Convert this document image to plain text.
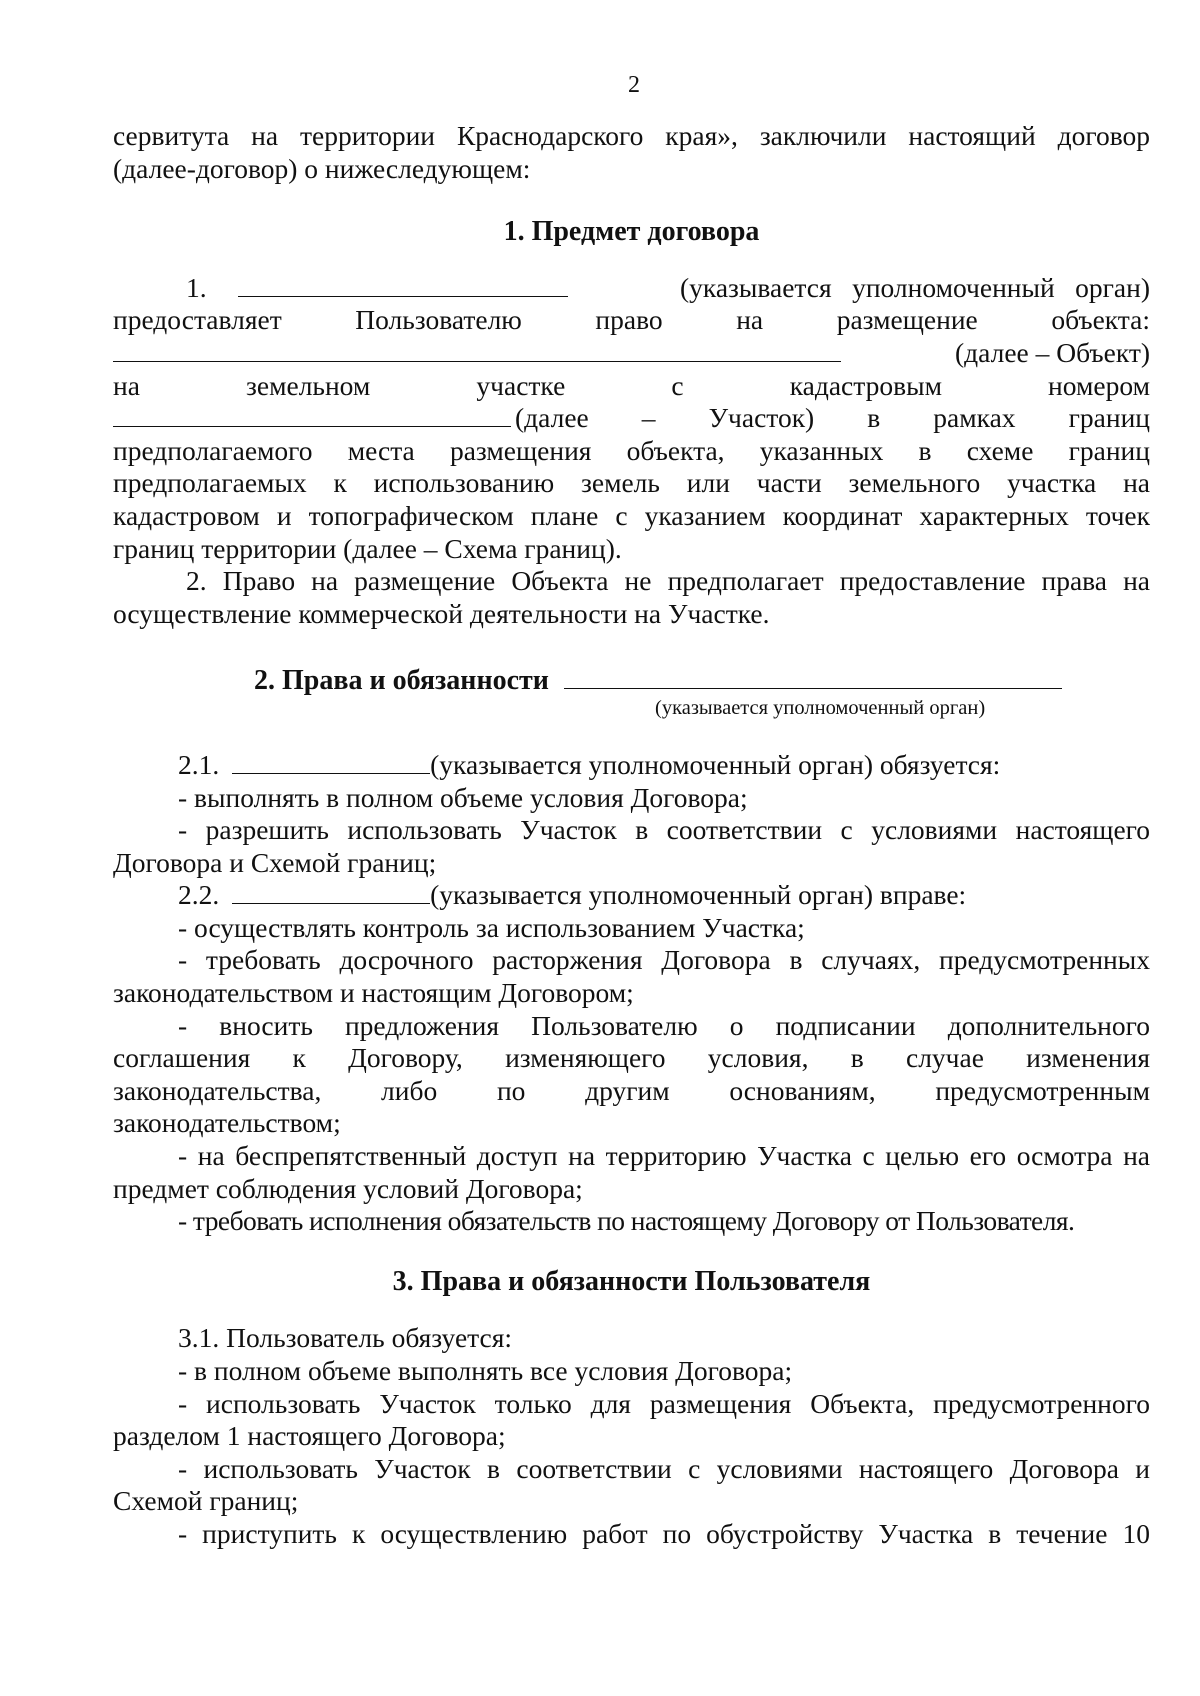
2
сервитута на территории Краснодарского края», заключили настоящий договор
(далее-договор) о нижеследующем:
1. Предмет договора
1.	(указывается уполномоченный орган)
предоставляет Пользователю право на размещение объекта:
(далее – Объект)
на земельном участке с кадастровым номером
(далее – Участок) в рамках границ
предполагаемого места размещения объекта, указанных в схеме границ
предполагаемых к использованию земель или части земельного участка на
кадастровом и топографическом плане с указанием координат характерных точек
границ территории (далее – Схема границ).
2. Право на размещение Объекта не предполагает предоставление права на
осуществление коммерческой деятельности на Участке.
2. Права и обязанности
(указывается уполномоченный орган)
2.1.	(указывается уполномоченный орган) обязуется:
- выполнять в полном объеме условия Договора;
- разрешить использовать Участок в соответствии с условиями настоящего
Договора и Схемой границ;
2.2.	(указывается уполномоченный орган) вправе:
- осуществлять контроль за использованием Участка;
- требовать досрочного расторжения Договора в случаях, предусмотренных
законодательством и настоящим Договором;
- вносить предложения Пользователю о подписании дополнительного
соглашения к Договору, изменяющего условия, в случае изменения
законодательства, либо по другим основаниям, предусмотренным
законодательством;
- на беспрепятственный доступ на территорию Участка с целью его осмотра на
предмет соблюдения условий Договора;
- требовать исполнения обязательств по настоящему Договору от Пользователя.
3. Права и обязанности Пользователя
3.1. Пользователь обязуется:
- в полном объеме выполнять все условия Договора;
- использовать Участок только для размещения Объекта, предусмотренного
разделом 1 настоящего Договора;
- использовать Участок в соответствии с условиями настоящего Договора и
Схемой границ;
- приступить к осуществлению работ по обустройству Участка в течение 10
